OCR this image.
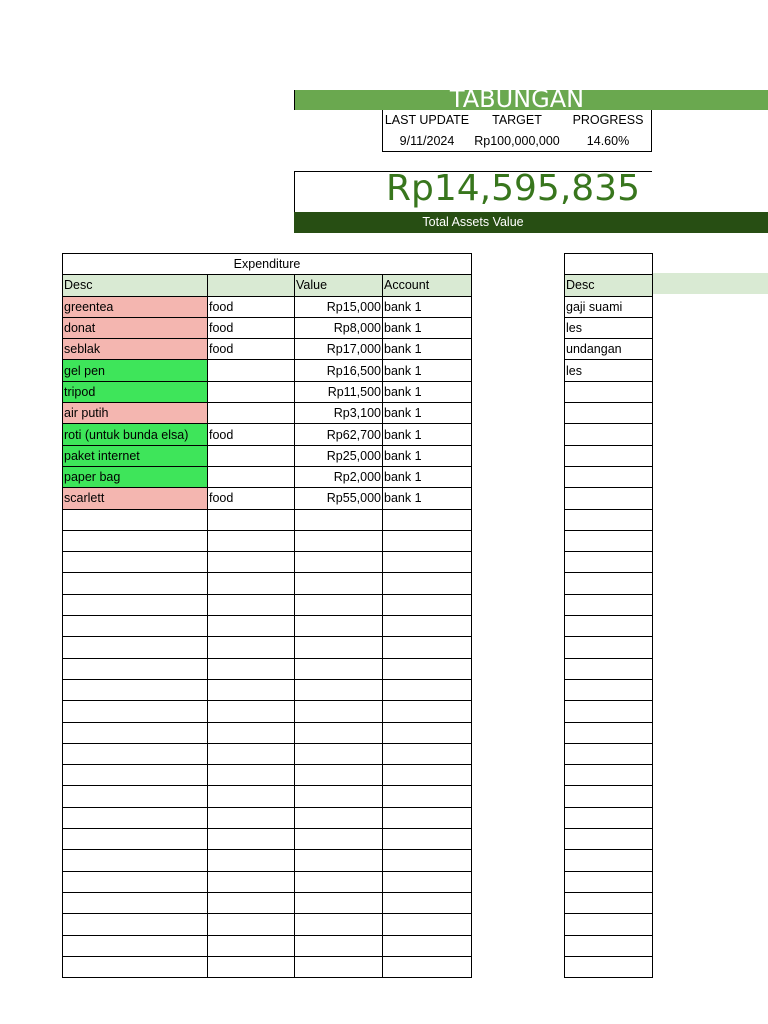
TABUNGAN
LAST UPDATE	TARGET	PROGRESS
9/11/2024	Rp100,000,000	14.60%
Rp14,595,835
Total Assets Value
Expenditure			
Desc		Value	Account
greentea	food	Rp15,000	bank 1
donat	food	Rp8,000	bank 1
seblak	food	Rp17,000	bank 1
gel pen		Rp16,500	bank 1
tripod		Rp11,500	bank 1
air putih		Rp3,100	bank 1
roti (untuk bunda elsa)	food	Rp62,700	bank 1
paket internet		Rp25,000	bank 1
paper bag		Rp2,000	bank 1
scarlett	food	Rp55,000	bank 1

Desc
gaji suami
les
undangan
les
